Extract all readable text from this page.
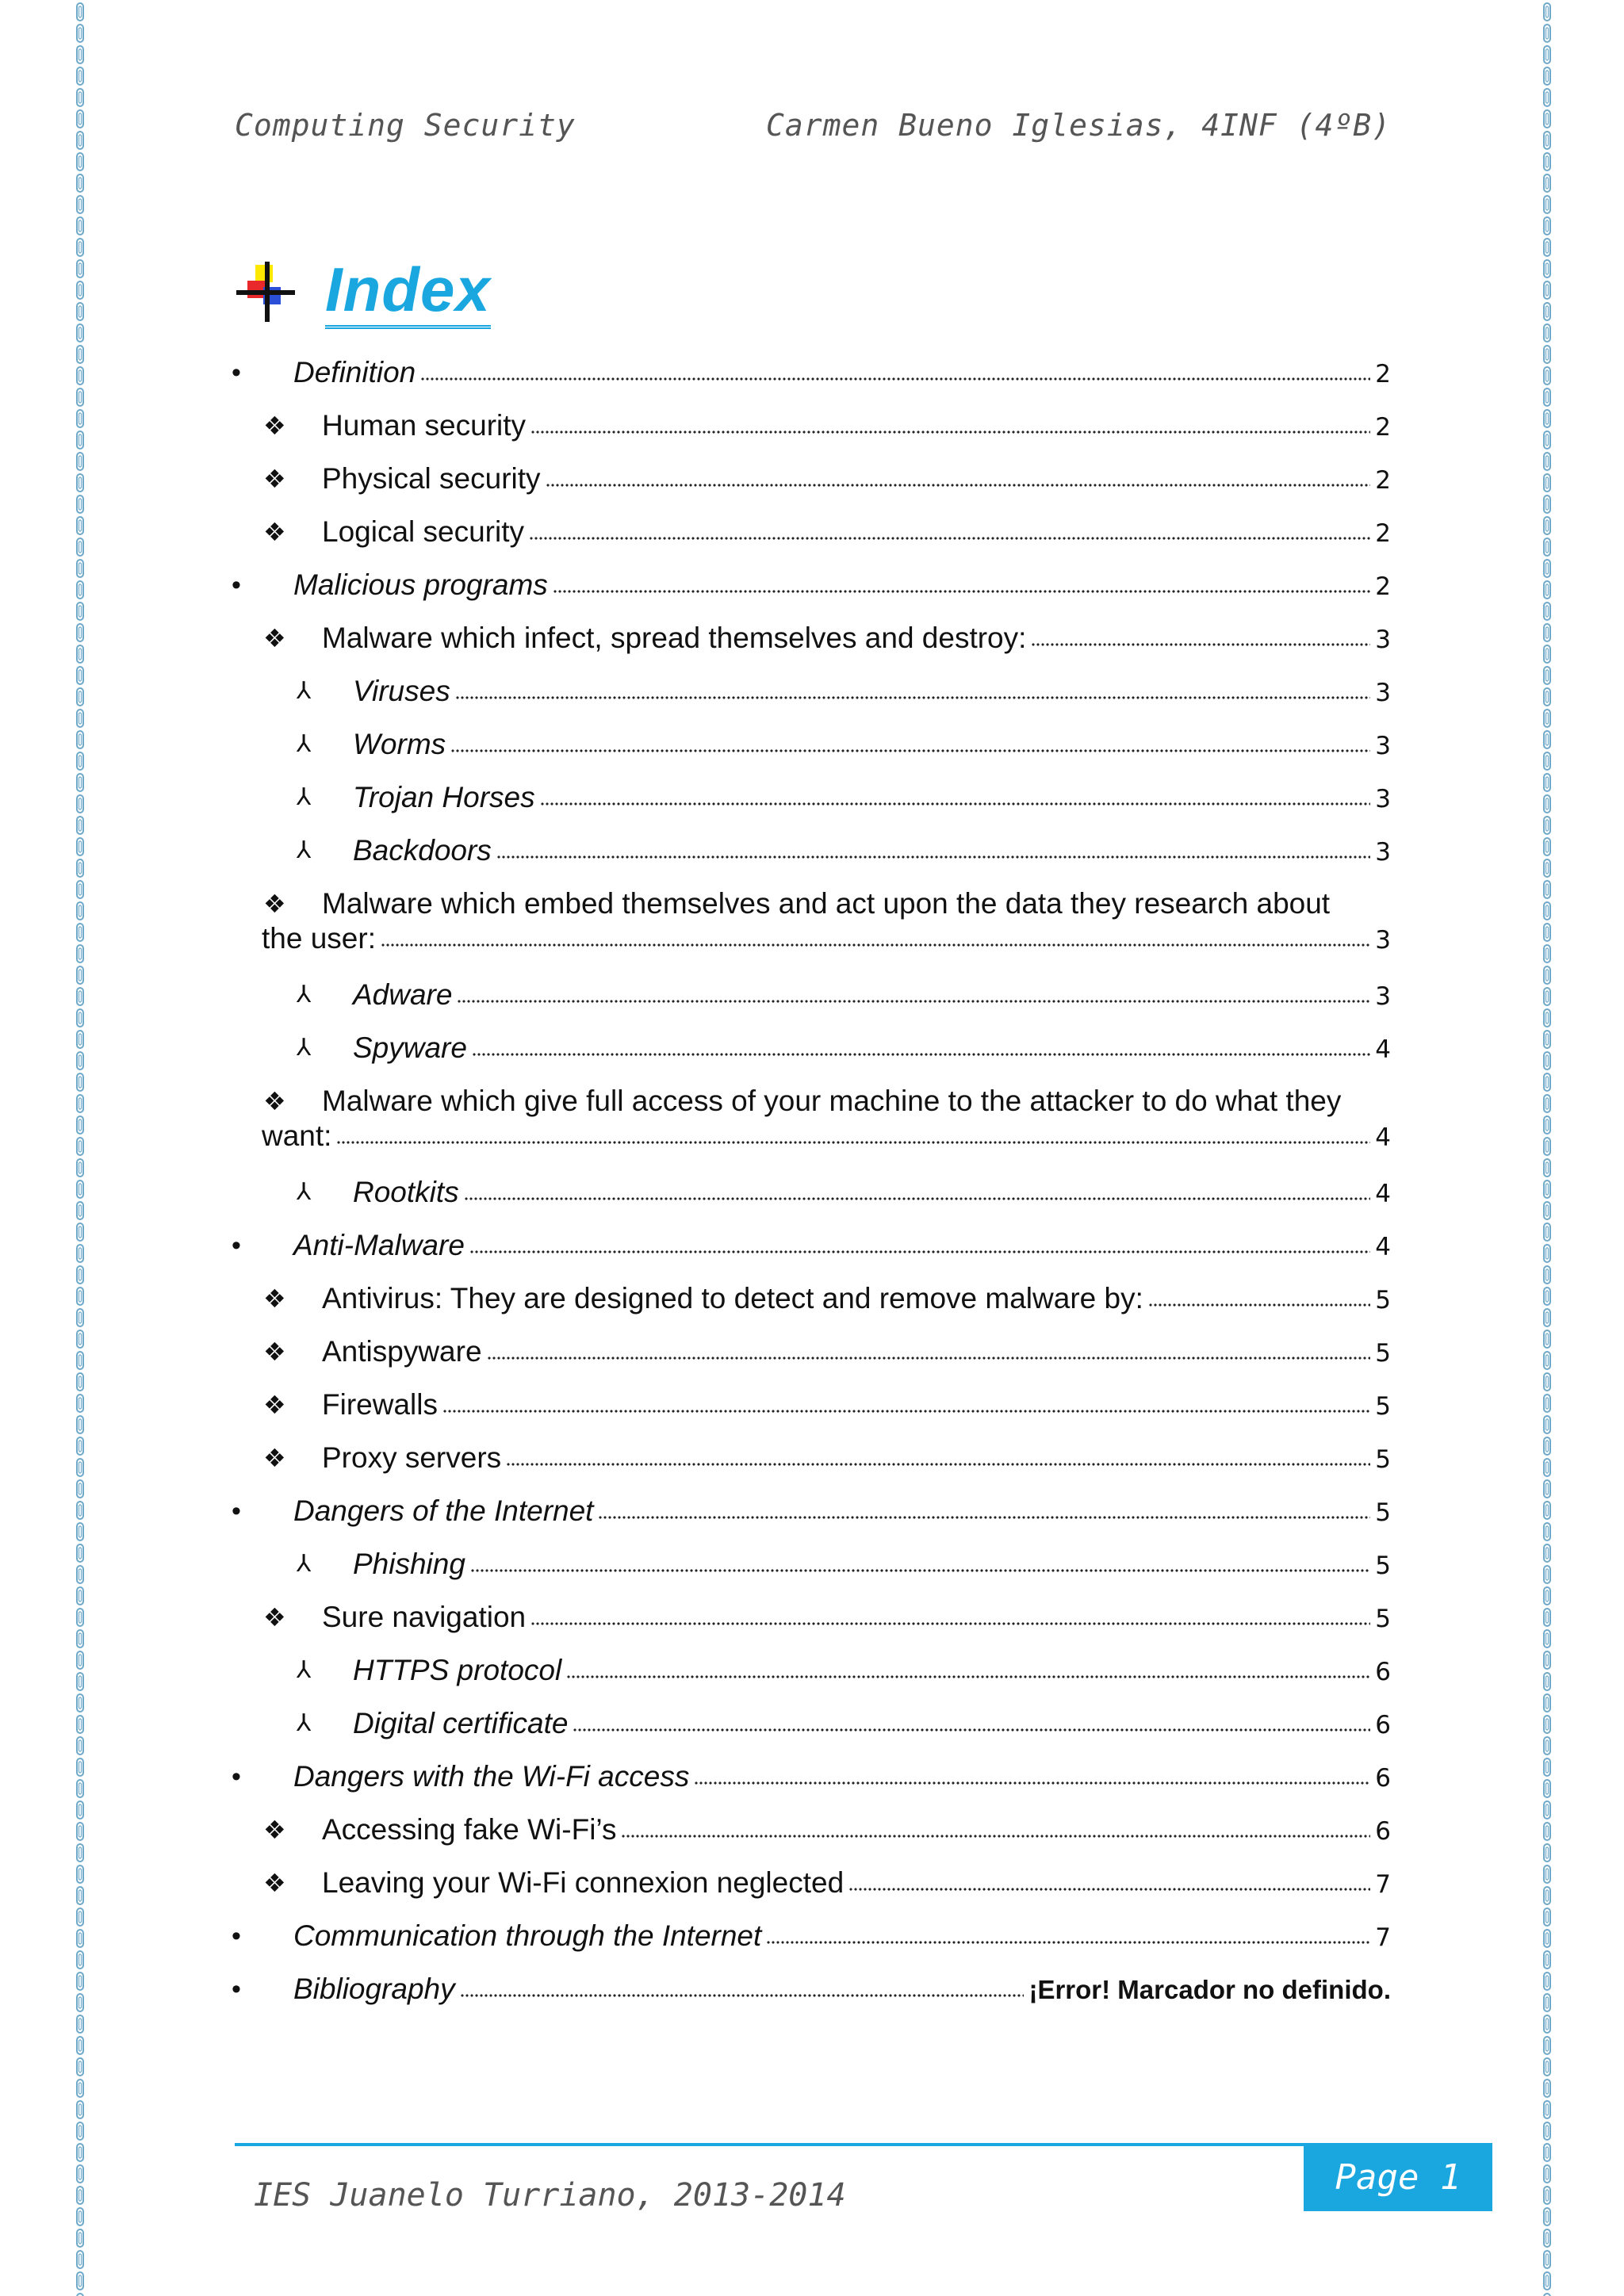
Computing Security	Carmen Bueno Iglesias, 4INF (4ºB)
Index
• Definition	2
❖ Human security	2
❖ Physical security	2
❖ Logical security	2
• Malicious programs	2
❖ Malware which infect, spread themselves and destroy:	3
⅄ Viruses	3
⅄ Worms	3
⅄ Trojan Horses	3
⅄ Backdoors	3
❖ Malware which embed themselves and act upon the data they research about
the user:	3
⅄ Adware	3
⅄ Spyware	4
❖ Malware which give full access of your machine to the attacker to do what they
want:	4
⅄ Rootkits	4
• Anti-Malware	4
❖ Antivirus: They are designed to detect and remove malware by:	5
❖ Antispyware	5
❖ Firewalls	5
❖ Proxy servers	5
• Dangers of the Internet	5
⅄ Phishing	5
❖ Sure navigation	5
⅄ HTTPS protocol	6
⅄ Digital certificate	6
• Dangers with the Wi-Fi access	6
❖ Accessing fake Wi-Fi’s	6
❖ Leaving your Wi-Fi connexion neglected	7
• Communication through the Internet	7
• Bibliography	¡Error! Marcador no definido.
IES Juanelo Turriano, 2013-2014	Page 1
